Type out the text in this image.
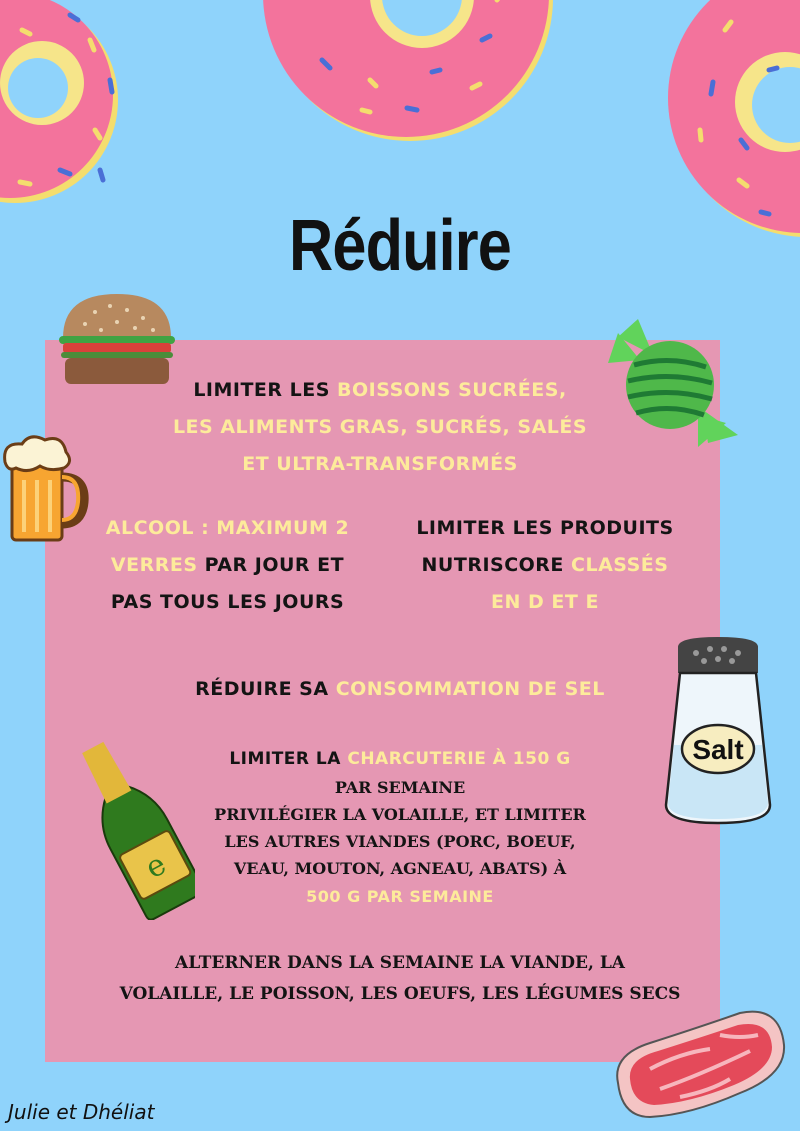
Réduire
Salt
e
LIMITER LES BOISSONS SUCRÉES,
LES ALIMENTS GRAS, SUCRÉS, SALÉS
ET ULTRA-TRANSFORMÉS
ALCOOL : MAXIMUM 2
VERRES PAR JOUR ET
PAS TOUS LES JOURS
LIMITER LES PRODUITS
NUTRISCORE CLASSÉS
EN D ET E
RÉDUIRE SA CONSOMMATION DE SEL
LIMITER LA CHARCUTERIE À 150 G
PAR SEMAINE
PRIVILÉGIER LA VOLAILLE, ET LIMITER
LES AUTRES VIANDES (PORC, BOEUF,
VEAU, MOUTON, AGNEAU, ABATS) À
500 G PAR SEMAINE
ALTERNER DANS LA SEMAINE LA VIANDE, LA
VOLAILLE, LE POISSON, LES OEUFS, LES LÉGUMES SECS
Julie et Dhéliat
